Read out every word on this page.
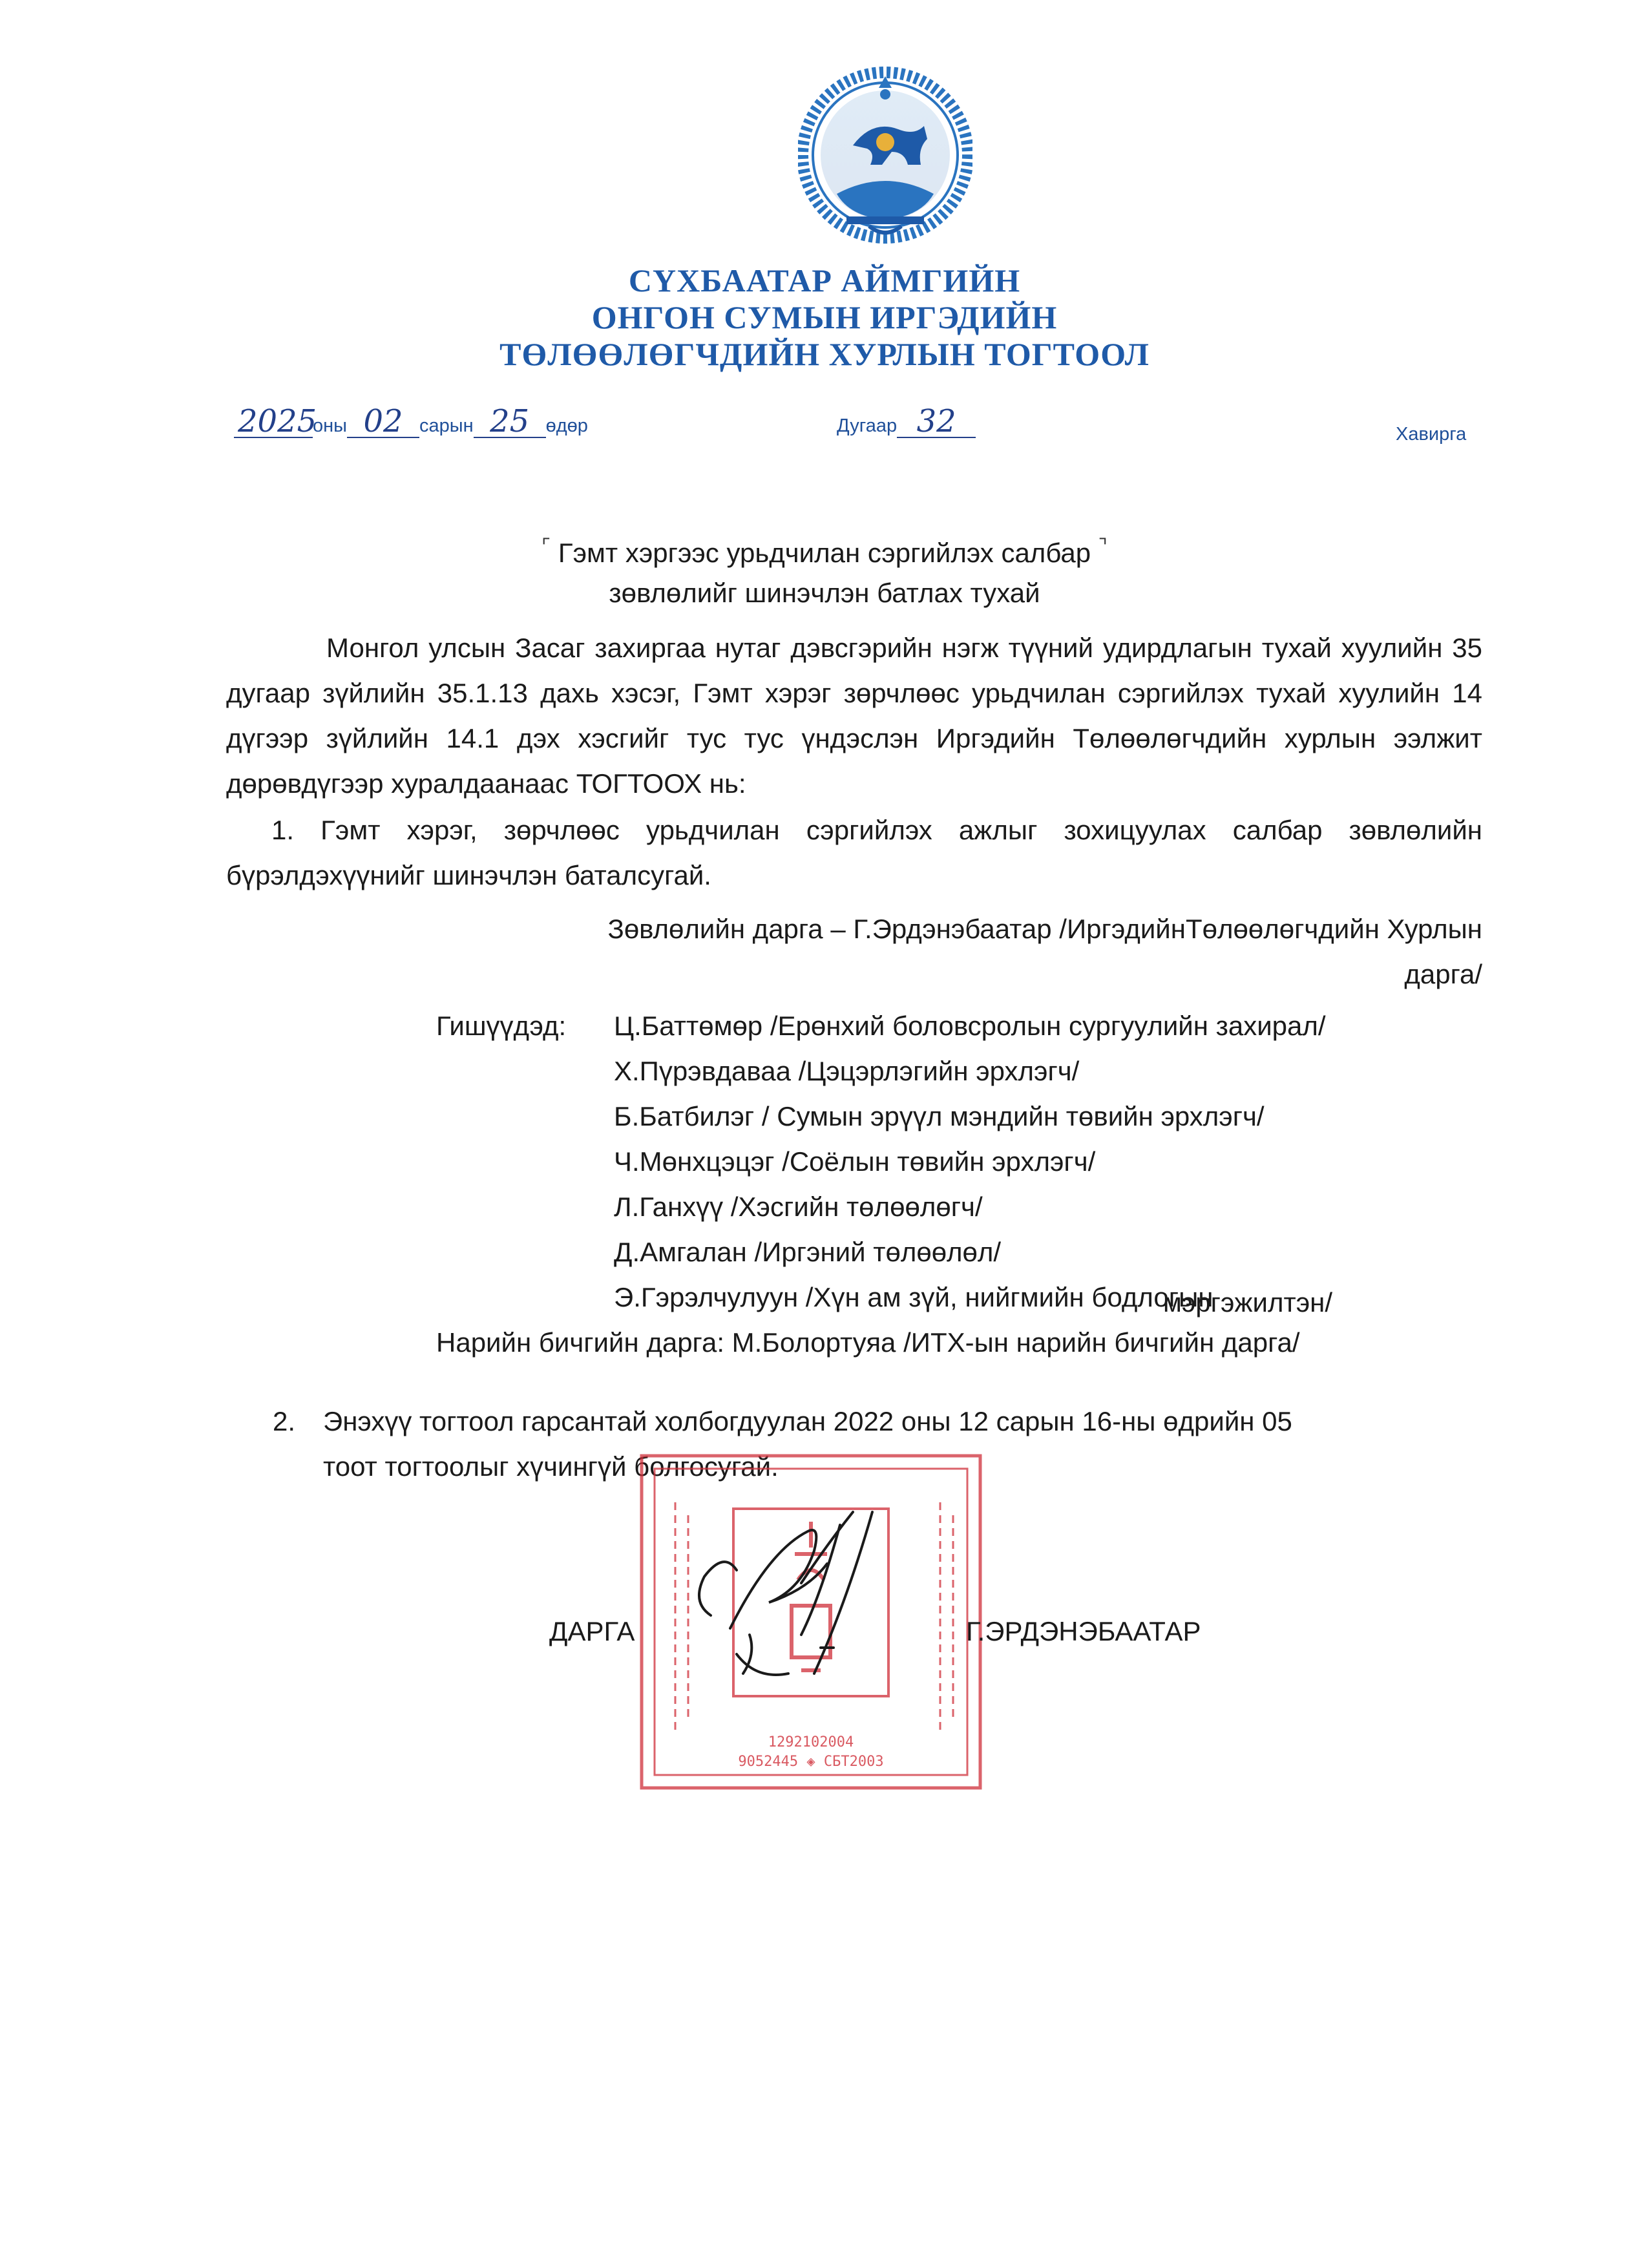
СҮХБААТАР АЙМГИЙН
ОНГОН СУМЫН ИРГЭДИЙН
ТӨЛӨӨЛӨГЧДИЙН ХУРЛЫН ТОГТООЛ
2025оны 02 сарын 25 өдөр	Дугаар 32	Хавирга
⌜ Гэмт хэргээс урьдчилан сэргийлэх салбар ⌝
зөвлөлийг шинэчлэн батлах тухай
Монгол улсын Засаг захиргаа нутаг дэвсгэрийн нэгж түүний удирдлагын тухай хуулийн 35 дугаар зүйлийн 35.1.13 дахь хэсэг, Гэмт хэрэг зөрчлөөс урьдчилан сэргийлэх тухай хуулийн 14 дүгээр зүйлийн 14.1 дэх хэсгийг тус тус үндэслэн Иргэдийн Төлөөлөгчдийн хурлын ээлжит дөрөвдүгээр хуралдаанаас ТОГТООХ нь:
1. Гэмт хэрэг, зөрчлөөс урьдчилан сэргийлэх ажлыг зохицуулах салбар зөвлөлийн бүрэлдэхүүнийг шинэчлэн баталсугай.
Зөвлөлийн дарга – Г.Эрдэнэбаатар /ИргэдийнТөлөөлөгчдийн Хурлын
дарга/
Гишүүдэд: Ц.Баттөмөр /Ерөнхий боловсролын сургуулийн захирал/
Х.Пүрэвдаваа /Цэцэрлэгийн эрхлэгч/
Б.Батбилэг / Сумын эрүүл мэндийн төвийн эрхлэгч/
Ч.Мөнхцэцэг /Соёлын төвийн эрхлэгч/
Л.Ганхүү /Хэсгийн төлөөлөгч/
Д.Амгалан /Иргэний төлөөлөл/
Э.Гэрэлчулуун /Хүн ам зүй, нийгмийн бодлогын
мэргэжилтэн/
Нарийн бичгийн дарга: М.Болортуяа /ИТХ-ын нарийн бичгийн дарга/
2. Энэхүү тогтоол гарсантай холбогдуулан 2022 оны 12 сарын 16-ны өдрийн 05
тоот тогтоолыг хүчингүй болгосугай.
1292102004
9052445 ◈ СБТ2003
ДАРГА	Г.ЭРДЭНЭБААТАР
